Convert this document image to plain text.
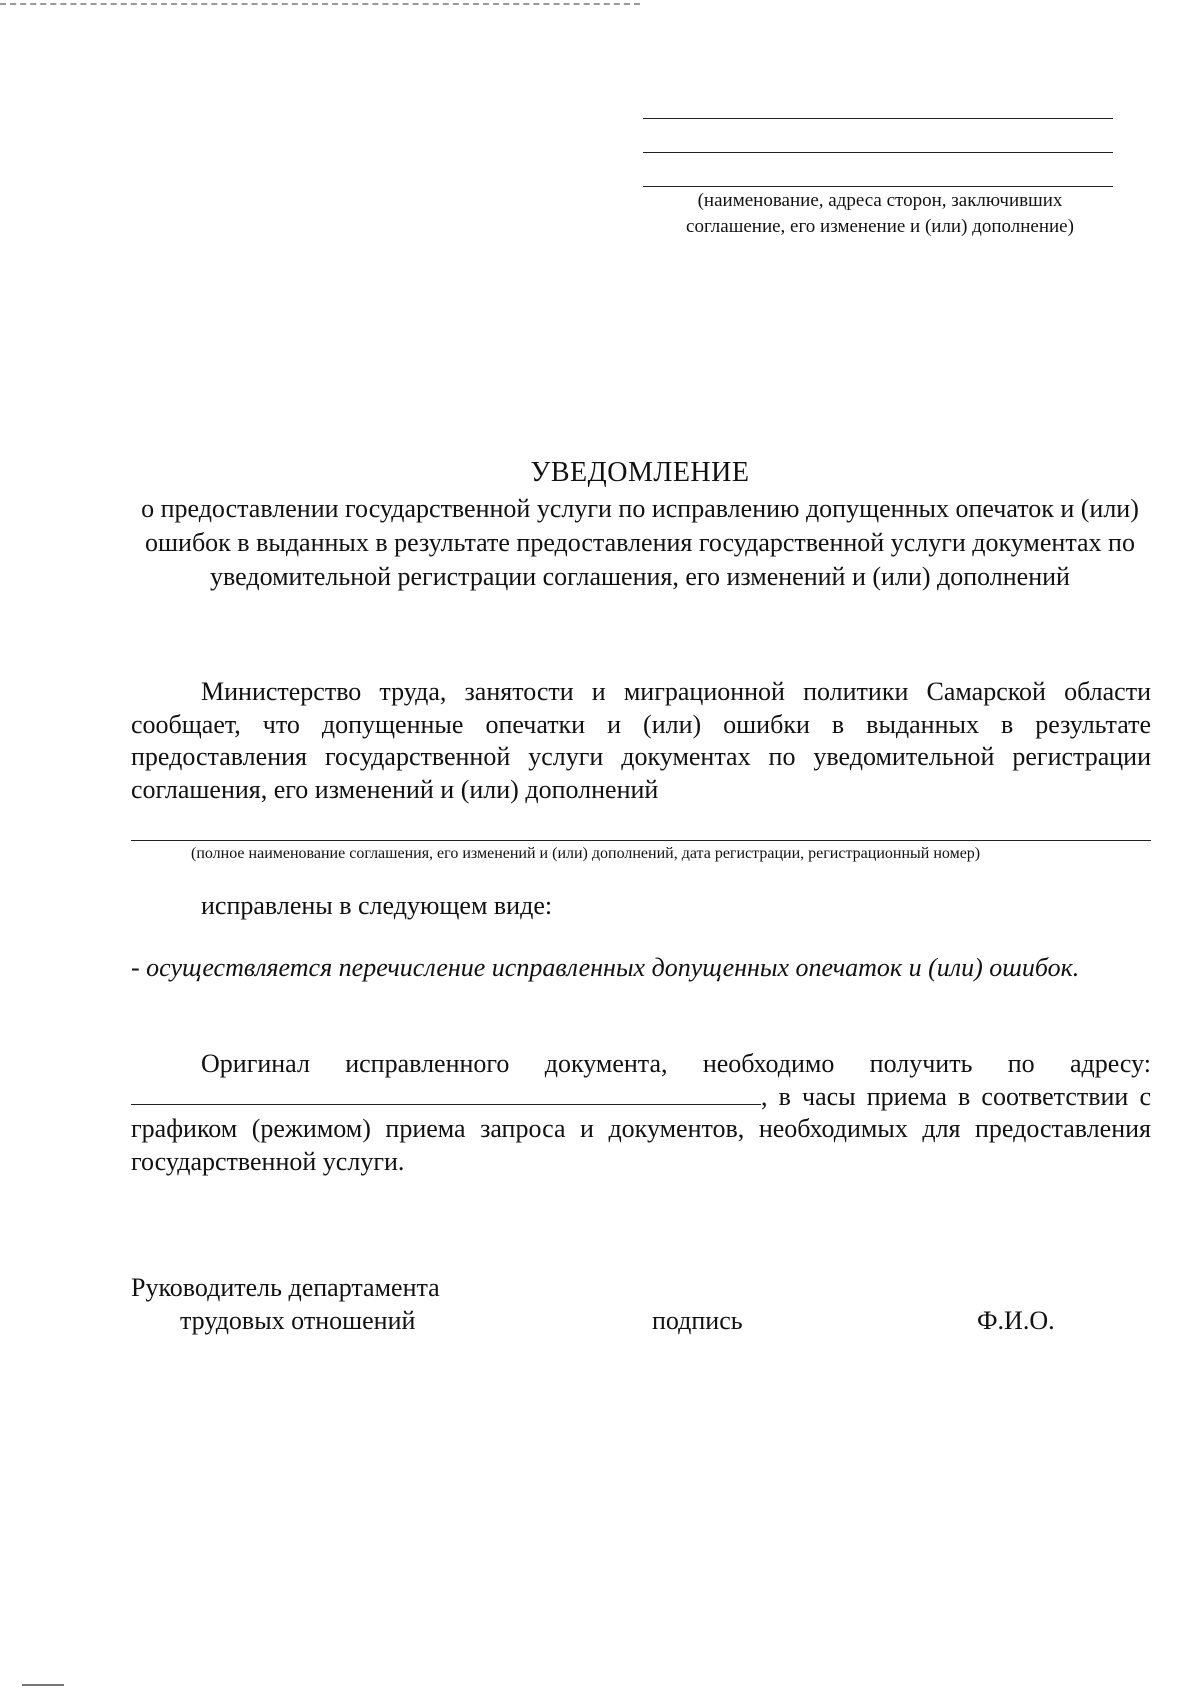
(наименование, адреса сторон, заключивших
соглашение, его изменение и (или) дополнение)
УВЕДОМЛЕНИЕ
о предоставлении государственной услуги по исправлению допущенных опечаток и (или) ошибок в выданных в результате предоставления государственной услуги документах по уведомительной регистрации соглашения, его изменений и (или) дополнений

Министерство труда, занятости и миграционной политики Самарской области сообщает, что допущенные опечатки и (или) ошибки в выданных в результате предоставления государственной услуги документах по уведомительной регистрации соглашения, его изменений и (или) дополнений

(полное наименование соглашения, его изменений и (или) дополнений, дата регистрации, регистрационный номер)

исправлены в следующем виде:

- осуществляется перечисление исправленных допущенных опечаток и (или) ошибок.

Оригинал исправленного документа, необходимо получить по адресу: , в часы приема в соответствии с графиком (режимом) приема запроса и документов, необходимых для предоставления государственной услуги.

Руководитель департамента
трудовых отношений	подпись	Ф.И.О.
